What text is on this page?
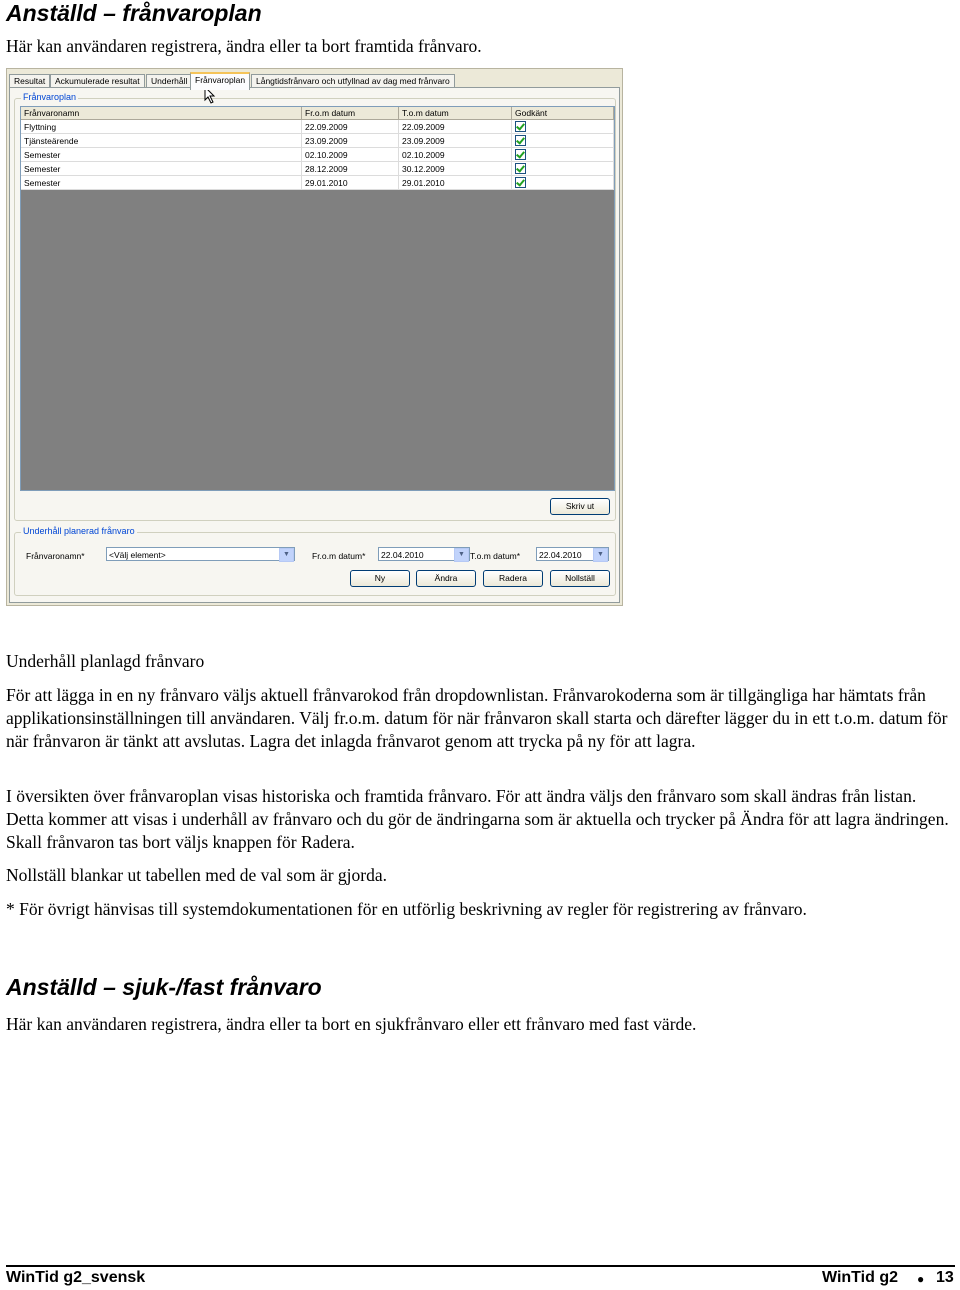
Anställd – frånvaroplan

Här kan användaren registrera, ändra eller ta bort framtida frånvaro.

Resultat	Ackumulerade resultat	Underhåll Frånvaroplan	Långtidsfrånvaro och utfyllnad av dag med frånvaro
Frånvaroplan
Frånvaronamn	Fr.o.m datum	T.o.m datum	Godkänt
Flyttning	22.09.2009	22.09.2009	
Tjänsteärende	23.09.2009	23.09.2009	
Semester	02.10.2009	02.10.2009	
Semester	28.12.2009	30.12.2009	
Semester	29.01.2010	29.01.2010	
Skriv ut
Underhåll planerad frånvaro
Frånvaronamn*	<Välj element>	▼	Fr.o.m datum*	22.04.2010	▼ T.o.m datum*	22.04.2010	▼
Ny	Ändra	Radera	Nollställ

Underhåll planlagd frånvaro

För att lägga in en ny frånvaro väljs aktuell frånvarokod från dropdownlistan. Frånvarokoderna som är tillgängliga har hämtats från applikationsinställningen till användaren. Välj fr.o.m. datum för när frånvaron skall starta och därefter lägger du in ett t.o.m. datum för när frånvaron är tänkt att avslutas. Lagra det inlagda frånvarot genom att trycka på ny för att lagra.

I översikten över frånvaroplan visas historiska och framtida frånvaro. För att ändra väljs den frånvaro som skall ändras från listan. Detta kommer att visas i underhåll av frånvaro och du gör de ändringarna som är aktuella och trycker på Ändra för att lagra ändringen. Skall frånvaron tas bort väljs knappen för Radera.

Nollställ blankar ut tabellen med de val som är gjorda.

* För övrigt hänvisas till systemdokumentationen för en utförlig beskrivning av regler för registrering av frånvaro.

Anställd – sjuk-/fast frånvaro

Här kan användaren registrera, ändra eller ta bort en sjukfrånvaro eller ett frånvaro med fast värde.

WinTid g2_svensk	WinTid g2 ● 13
